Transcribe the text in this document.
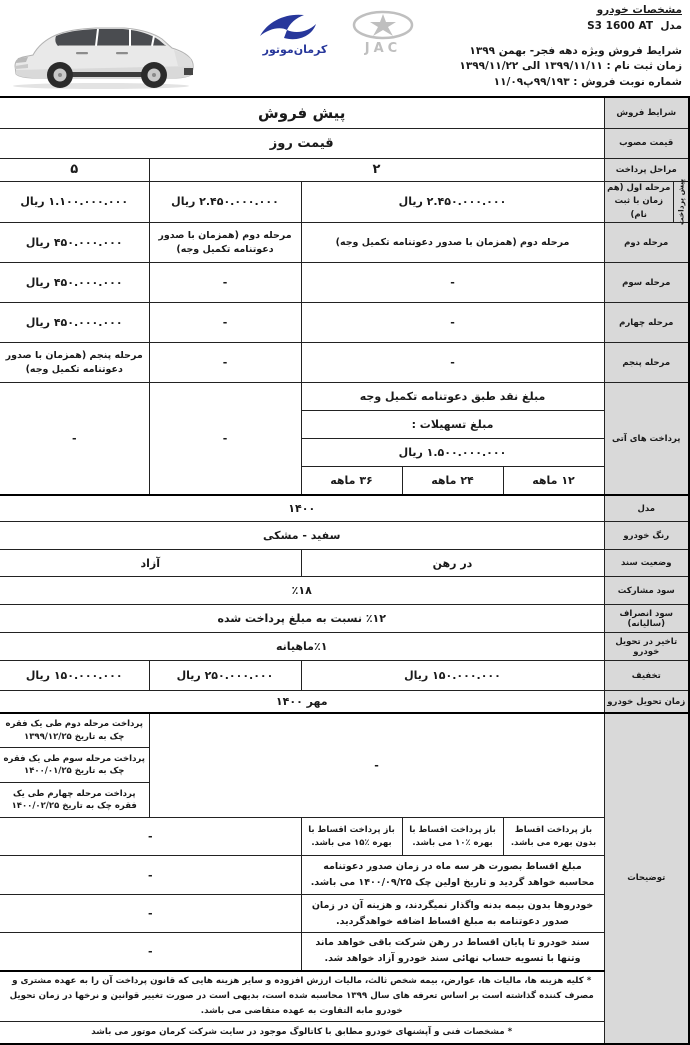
کرمان‌موتور	JAC
مشخصات خودرو
مدل  S3 1600 AT
شرایط فروش ویژه دهه فجر- بهمن ۱۳۹۹
زمان ثبت نام : ۱۳۹۹/۱۱/۱۱ الی ۱۳۹۹/۱۱/۲۲
شماره نوبت فروش : ۹۹/۱۹۳پ۱۱/۰۹
شرایط فروش	پیش فروش				
قیمت مصوب	قیمت روز				
مراحل پرداخت	۲				۵

پیش پرداخت
مرحله اول (هم زمان با ثبت نام)	۲.۴۵۰.۰۰۰.۰۰۰ ریال			۲.۴۵۰.۰۰۰.۰۰۰ ریال	۱.۱۰۰.۰۰۰.۰۰۰ ریال
مرحله دوم	مرحله دوم (همزمان با صدور دعوتنامه تکمیل وجه)			مرحله دوم (همزمان با صدور دعوتنامه تکمیل وجه)	۴۵۰.۰۰۰.۰۰۰ ریال
مرحله سوم	-			-	۴۵۰.۰۰۰.۰۰۰ ریال
مرحله چهارم	-			-	۴۵۰.۰۰۰.۰۰۰ ریال
مرحله پنجم	-			-	مرحله پنجم (همزمان با صدور دعوتنامه تکمیل وجه)
پرداخت های آتی	مبلغ نقد طبق دعوتنامه تکمیل وجه			-	-
	مبلغ تسهیلات :				
	۱.۵۰۰.۰۰۰.۰۰۰ ریال				
	۱۲ ماهه	۲۴ ماهه	۳۶ ماهه		
مدل	۱۴۰۰				
رنگ خودرو	سفید - مشکی				
وضعیت سند	در رهن			آزاد	
سود مشارکت	٪۱۸				
سود انصراف (سالیانه)	٪۱۲ نسبت به مبلغ پرداخت شده				
تاخیر در تحویل خودرو	٪۱ماهیانه				
تخفیف	۱۵۰.۰۰۰.۰۰۰ ریال			۲۵۰.۰۰۰.۰۰۰ ریال	۱۵۰.۰۰۰.۰۰۰ ریال
زمان تحویل خودرو	مهر ۱۴۰۰				
توضیحات	-				پرداخت مرحله دوم طی یک فقره چک به تاریخ ۱۳۹۹/۱۲/۲۵
					پرداخت مرحله سوم طی یک فقره چک به تاریخ ۱۴۰۰/۰۱/۲۵
					پرداخت مرحله چهارم طی یک فقره چک به تاریخ ۱۴۰۰/۰۲/۲۵
	باز پرداخت اقساط بدون بهره می باشد.	باز پرداخت اقساط با بهره ٪۱۰ می باشد.	باز پرداخت اقساط با بهره ٪۱۵ می باشد.	-	
	مبلغ اقساط بصورت هر سه ماه در زمان صدور دعوتنامه محاسبه خواهد گردید و تاریخ اولین چک ۱۴۰۰/۰۹/۲۵ می باشد.			-	
	خودروها بدون بیمه بدنه واگذار نمیگردند، و هزینه آن در زمان صدور دعوتنامه به مبلغ اقساط اضافه خواهدگردید.			-	
	سند خودرو تا پایان اقساط در رهن شرکت باقی خواهد ماند وتنها با تسویه حساب نهائی سند خودرو آزاد خواهد شد.			-	
	* کلیه هزینه ها، مالیات ها، عوارض، بیمه شخص ثالث، مالیات ارزش افزوده و سایر هزینه هایی که قانون پرداخت آن را به عهده مشتری و مصرف کننده گذاشته است بر اساس تعرفه های سال ۱۳۹۹ محاسبه شده است، بدیهی است در صورت تغییر قوانین و نرخها در زمان تحویل خودرو مابه التفاوت به عهده متقاضی می باشد.				
	* مشخصات فنی و آپشنهای خودرو مطابق با کاتالوگ موجود در سایت شرکت کرمان موتور می باشد				
